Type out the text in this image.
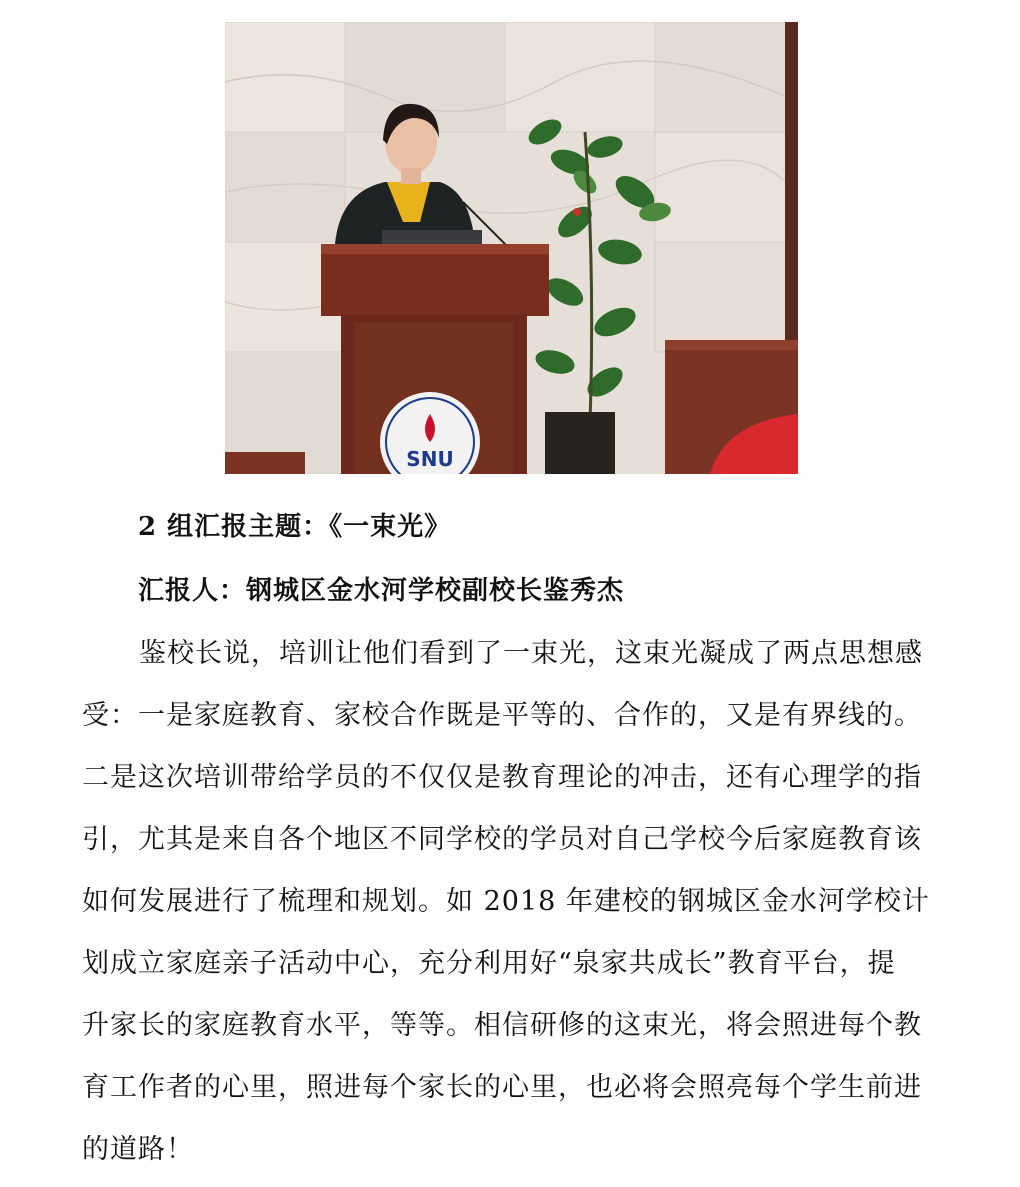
SNU
2 组汇报主题：《一束光》
汇报人：钢城区金水河学校副校长鉴秀杰
鉴校长说，培训让他们看到了一束光，这束光凝成了两点思想感
受：一是家庭教育、家校合作既是平等的、合作的，又是有界线的。
二是这次培训带给学员的不仅仅是教育理论的冲击，还有心理学的指
引，尤其是来自各个地区不同学校的学员对自己学校今后家庭教育该
如何发展进行了梳理和规划。如 2018 年建校的钢城区金水河学校计
划成立家庭亲子活动中心，充分利用好“泉家共成长”教育平台，提
升家长的家庭教育水平，等等。相信研修的这束光，将会照进每个教
育工作者的心里，照进每个家长的心里，也必将会照亮每个学生前进
的道路！
